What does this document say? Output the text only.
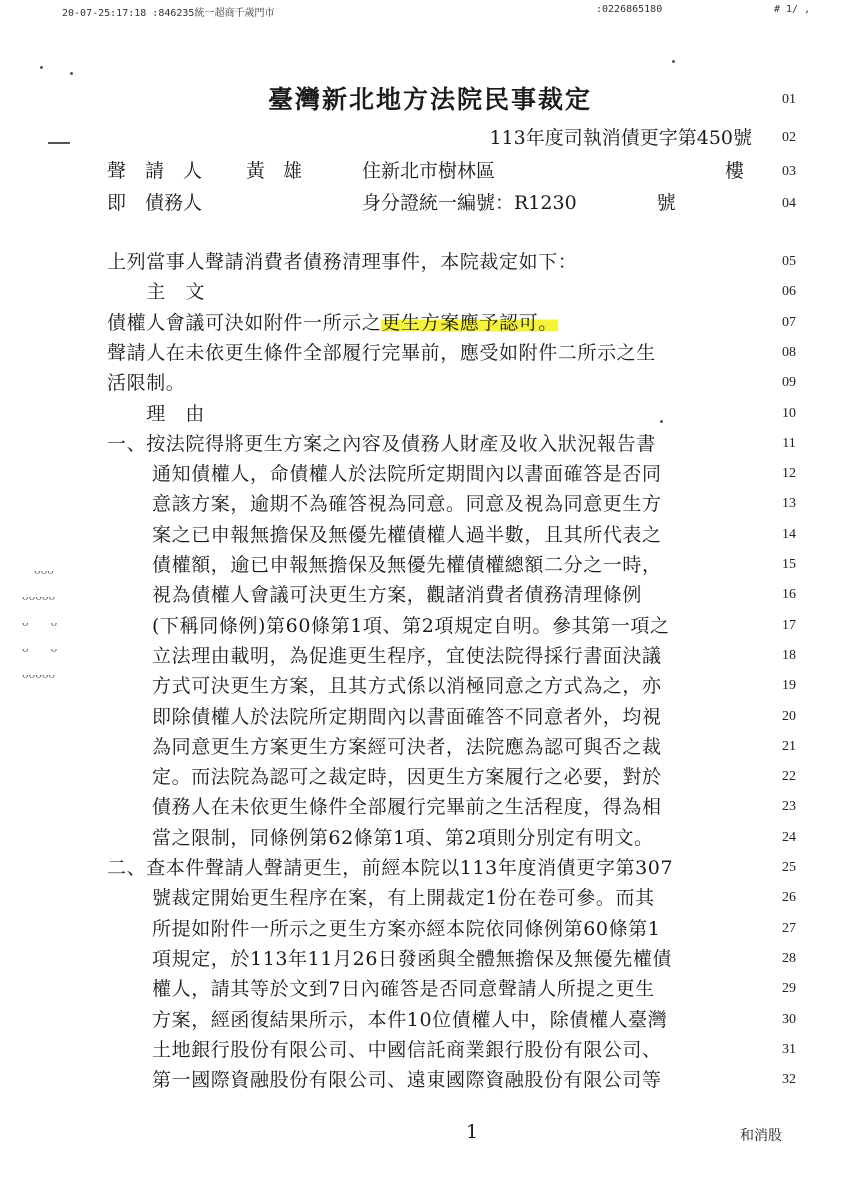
20-07-25:17:18 :846235統一超商千歲門市	:0226865180	# 1/ ,
ᴗᴗᴗ
ᴗᴗᴗᴗᴗ
ᴗ　　ᴗ
ᴗ　　ᴗ
ᴗᴗᴗᴗᴗ
臺灣新北地方法院民事裁定	01
113年度司執消債更字第450號	02
聲　請　人 黃 雄	住新北市樹林區	樓	03
即　債務人	身分證統一編號：R1230	號	04
上列當事人聲請消費者債務清理事件，本院裁定如下：	05
　　主　文	06
債權人會議可決如附件一所示之更生方案應予認可。	07
聲請人在未依更生條件全部履行完畢前，應受如附件二所示之生	08
活限制。	09
　　理　由	10
一、按法院得將更生方案之內容及債務人財產及收入狀況報告書	11
通知債權人，命債權人於法院所定期間內以書面確答是否同	12
意該方案，逾期不為確答視為同意。同意及視為同意更生方	13
案之已申報無擔保及無優先權債權人過半數，且其所代表之	14
債權額，逾已申報無擔保及無優先權債權總額二分之一時，	15
視為債權人會議可決更生方案，觀諸消費者債務清理條例	16
(下稱同條例)第60條第1項、第2項規定自明。參其第一項之	17
立法理由載明，為促進更生程序，宜使法院得採行書面決議	18
方式可決更生方案，且其方式係以消極同意之方式為之，亦	19
即除債權人於法院所定期間內以書面確答不同意者外，均視	20
為同意更生方案更生方案經可決者，法院應為認可與否之裁	21
定。而法院為認可之裁定時，因更生方案履行之必要，對於	22
債務人在未依更生條件全部履行完畢前之生活程度，得為相	23
當之限制，同條例第62條第1項、第2項則分別定有明文。	24
二、查本件聲請人聲請更生，前經本院以113年度消債更字第307	25
號裁定開始更生程序在案，有上開裁定1份在卷可參。而其	26
所提如附件一所示之更生方案亦經本院依同條例第60條第1	27
項規定，於113年11月26日發函與全體無擔保及無優先權債	28
權人，請其等於文到7日內確答是否同意聲請人所提之更生	29
方案，經函復結果所示，本件10位債權人中，除債權人臺灣	30
土地銀行股份有限公司、中國信託商業銀行股份有限公司、	31
第一國際資融股份有限公司、遠東國際資融股份有限公司等	32
1	和消股
